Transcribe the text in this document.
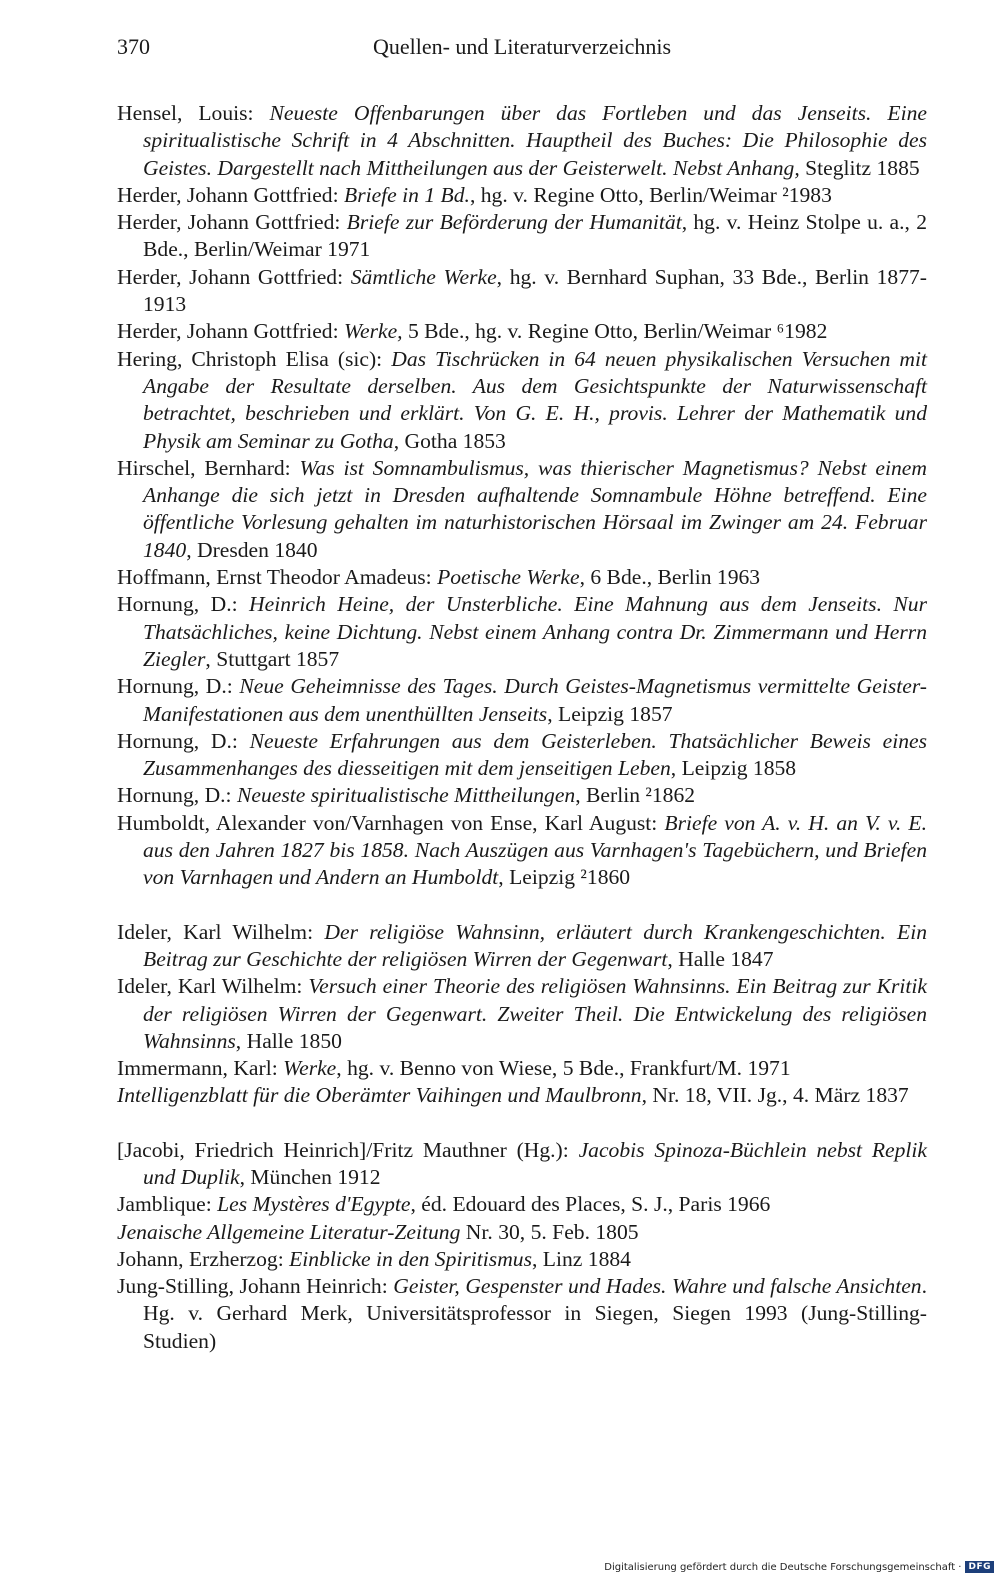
370	Quellen- und Literaturverzeichnis
Hensel, Louis: Neueste Offenbarungen über das Fortleben und das Jenseits. Eine spiritualistische Schrift in 4 Abschnitten. Hauptheil des Buches: Die Philosophie des Geistes. Dargestellt nach Mittheilungen aus der Geisterwelt. Nebst Anhang, Steglitz 1885
Herder, Johann Gottfried: Briefe in 1 Bd., hg. v. Regine Otto, Berlin/Weimar ²1983
Herder, Johann Gottfried: Briefe zur Beförderung der Humanität, hg. v. Heinz Stolpe u. a., 2 Bde., Berlin/Weimar 1971
Herder, Johann Gottfried: Sämtliche Werke, hg. v. Bernhard Suphan, 33 Bde., Berlin 1877-1913
Herder, Johann Gottfried: Werke, 5 Bde., hg. v. Regine Otto, Berlin/Weimar ⁶1982
Hering, Christoph Elisa (sic): Das Tischrücken in 64 neuen physikalischen Versuchen mit Angabe der Resultate derselben. Aus dem Gesichtspunkte der Naturwissenschaft betrachtet, beschrieben und erklärt. Von G. E. H., provis. Lehrer der Mathematik und Physik am Seminar zu Gotha, Gotha 1853
Hirschel, Bernhard: Was ist Somnambulismus, was thierischer Magnetismus? Nebst einem Anhange die sich jetzt in Dresden aufhaltende Somnambule Höhne betreffend. Eine öffentliche Vorlesung gehalten im naturhistorischen Hörsaal im Zwinger am 24. Februar 1840, Dresden 1840
Hoffmann, Ernst Theodor Amadeus: Poetische Werke, 6 Bde., Berlin 1963
Hornung, D.: Heinrich Heine, der Unsterbliche. Eine Mahnung aus dem Jenseits. Nur Thatsächliches, keine Dichtung. Nebst einem Anhang contra Dr. Zimmermann und Herrn Ziegler, Stuttgart 1857
Hornung, D.: Neue Geheimnisse des Tages. Durch Geistes-Magnetismus vermittelte Geister-Manifestationen aus dem unenthüllten Jenseits, Leipzig 1857
Hornung, D.: Neueste Erfahrungen aus dem Geisterleben. Thatsächlicher Beweis eines Zusammenhanges des diesseitigen mit dem jenseitigen Leben, Leipzig 1858
Hornung, D.: Neueste spiritualistische Mittheilungen, Berlin ²1862
Humboldt, Alexander von/Varnhagen von Ense, Karl August: Briefe von A. v. H. an V. v. E. aus den Jahren 1827 bis 1858. Nach Auszügen aus Varnhagen's Tagebüchern, und Briefen von Varnhagen und Andern an Humboldt, Leipzig ²1860
Ideler, Karl Wilhelm: Der religiöse Wahnsinn, erläutert durch Krankengeschichten. Ein Beitrag zur Geschichte der religiösen Wirren der Gegenwart, Halle 1847
Ideler, Karl Wilhelm: Versuch einer Theorie des religiösen Wahnsinns. Ein Beitrag zur Kritik der religiösen Wirren der Gegenwart. Zweiter Theil. Die Entwickelung des religiösen Wahnsinns, Halle 1850
Immermann, Karl: Werke, hg. v. Benno von Wiese, 5 Bde., Frankfurt/M. 1971
Intelligenzblatt für die Oberämter Vaihingen und Maulbronn, Nr. 18, VII. Jg., 4. März 1837
[Jacobi, Friedrich Heinrich]/Fritz Mauthner (Hg.): Jacobis Spinoza-Büchlein nebst Replik und Duplik, München 1912
Jamblique: Les Mystères d'Egypte, éd. Edouard des Places, S. J., Paris 1966
Jenaische Allgemeine Literatur-Zeitung Nr. 30, 5. Feb. 1805
Johann, Erzherzog: Einblicke in den Spiritismus, Linz 1884
Jung-Stilling, Johann Heinrich: Geister, Gespenster und Hades. Wahre und falsche Ansichten. Hg. v. Gerhard Merk, Universitätsprofessor in Siegen, Siegen 1993 (Jung-Stilling-Studien)
Digitalisierung gefördert durch die Deutsche Forschungsgemeinschaft · DFG
